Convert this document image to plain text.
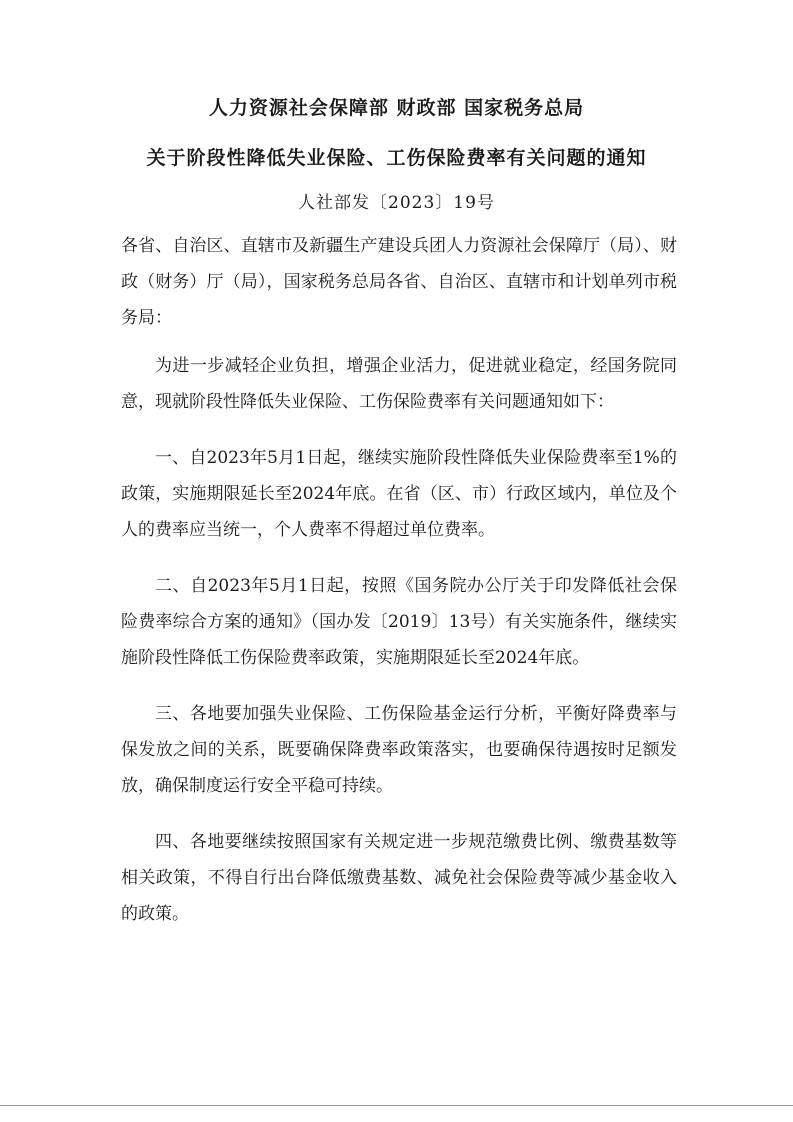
人力资源社会保障部 财政部 国家税务总局
关于阶段性降低失业保险、工伤保险费率有关问题的通知
人社部发〔2023〕19号

各省、自治区、直辖市及新疆生产建设兵团人力资源社会保障厅（局）、财政（财务）厅（局），国家税务总局各省、自治区、直辖市和计划单列市税务局：

为进一步减轻企业负担，增强企业活力，促进就业稳定，经国务院同意，现就阶段性降低失业保险、工伤保险费率有关问题通知如下：

一、自2023年5月1日起，继续实施阶段性降低失业保险费率至1%的政策，实施期限延长至2024年底。在省（区、市）行政区域内，单位及个人的费率应当统一，个人费率不得超过单位费率。

二、自2023年5月1日起，按照《国务院办公厅关于印发降低社会保险费率综合方案的通知》（国办发〔2019〕13号）有关实施条件，继续实施阶段性降低工伤保险费率政策，实施期限延长至2024年底。

三、各地要加强失业保险、工伤保险基金运行分析，平衡好降费率与保发放之间的关系，既要确保降费率政策落实，也要确保待遇按时足额发放，确保制度运行安全平稳可持续。

四、各地要继续按照国家有关规定进一步规范缴费比例、缴费基数等相关政策，不得自行出台降低缴费基数、减免社会保险费等减少基金收入的政策。
